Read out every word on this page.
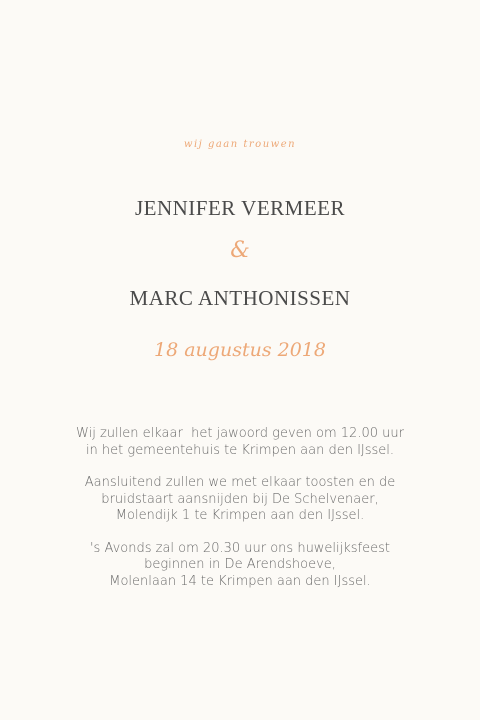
wij gaan trouwen
JENNIFER VERMEER
&
MARC ANTHONISSEN
18 augustus 2018

Wij zullen elkaar  het jawoord geven om 12.00 uur
in het gemeentehuis te Krimpen aan den IJssel.

Aansluitend zullen we met elkaar toosten en de
bruidstaart aansnijden bij De Schelvenaer,
Molendijk 1 te Krimpen aan den IJssel.

's Avonds zal om 20.30 uur ons huwelijksfeest
beginnen in De Arendshoeve,
Molenlaan 14 te Krimpen aan den IJssel.
